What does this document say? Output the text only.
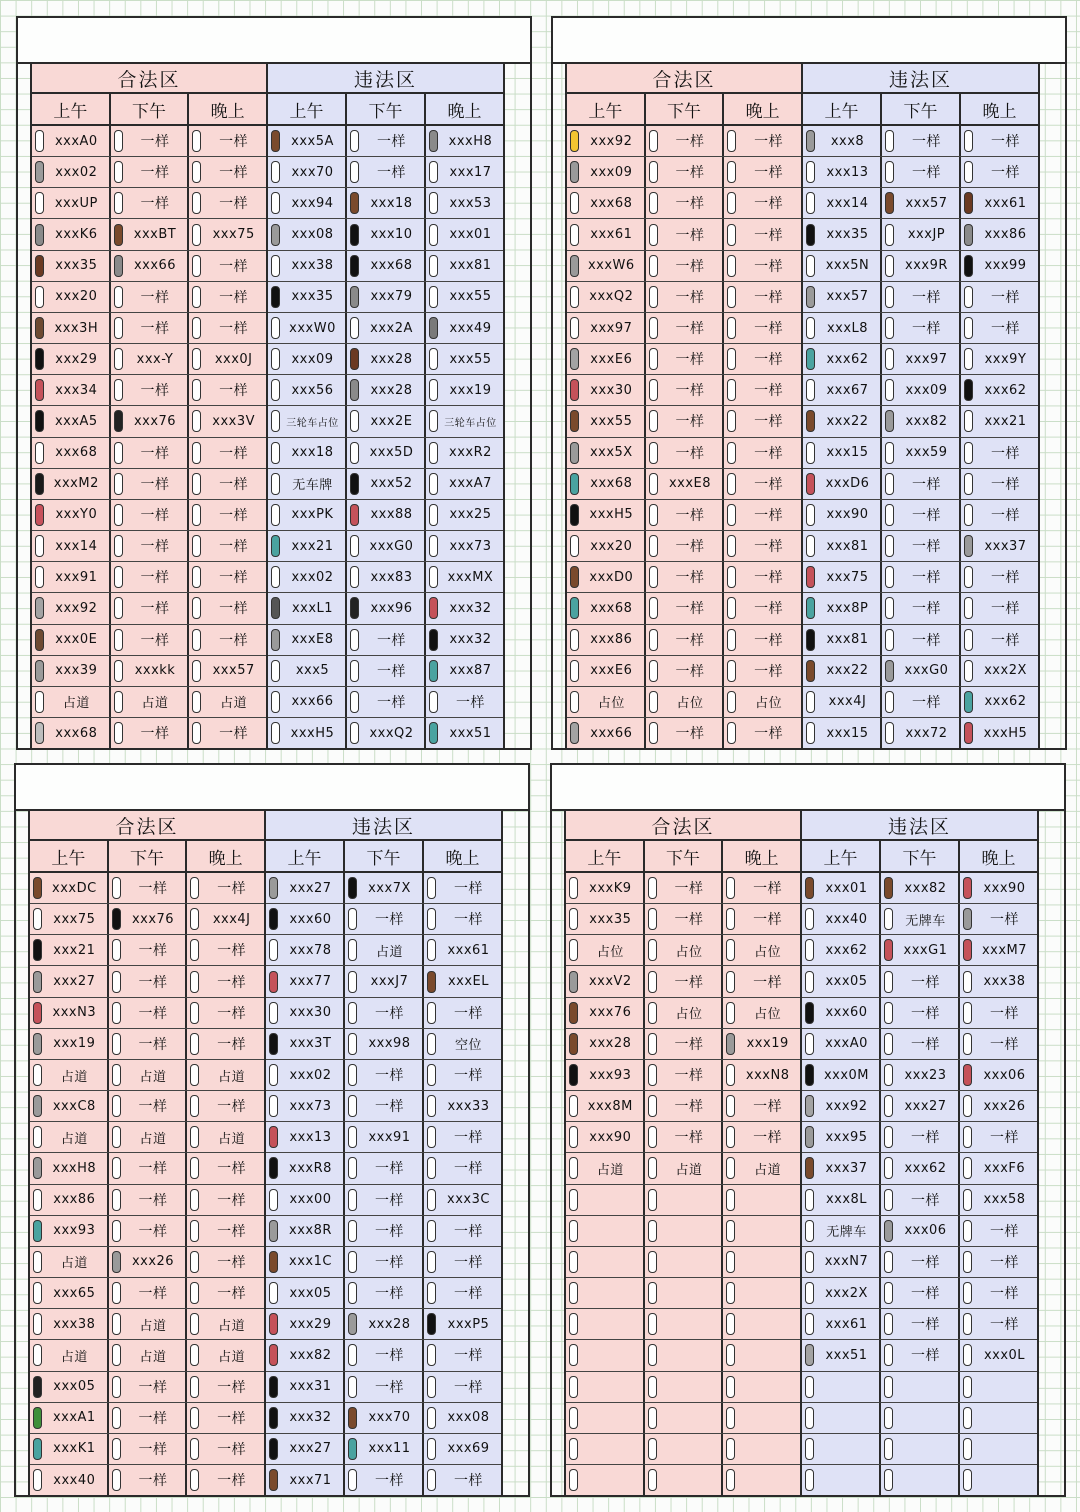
合法区
上午	下午	晚上
xxxA0	一样	一样
xxx02	一样	一样
xxxUP	一样	一样
xxxK6	xxxBT	xxx75
xxx35	xxx66	一样
xxx20	一样	一样
xxx3H	一样	一样
xxx29	xxx-Y	xxx0J
xxx34	一样	一样
xxxA5	xxx76	xxx3V
xxx68	一样	一样
xxxM2	一样	一样
xxxY0	一样	一样
xxx14	一样	一样
xxx91	一样	一样
xxx92	一样	一样
xxx0E	一样	一样
xxx39	xxxkk	xxx57
占道	占道	占道
xxx68	一样	一样
违法区
上午	下午	晚上
xxx5A	一样	xxxH8
xxx70	一样	xxx17
xxx94	xxx18	xxx53
xxx08	xxx10	xxx01
xxx38	xxx68	xxx81
xxx35	xxx79	xxx55
xxxW0	xxx2A	xxx49
xxx09	xxx28	xxx55
xxx56	xxx28	xxx19
三轮车占位	xxx2E	三轮车占位
xxx18	xxx5D	xxxR2
无车牌	xxx52	xxxA7
xxxPK	xxx88	xxx25
xxx21	xxxG0	xxx73
xxx02	xxx83	xxxMX
xxxL1	xxx96	xxx32
xxxE8	一样	xxx32
xxx5	一样	xxx87
xxx66	一样	一样
xxxH5	xxxQ2	xxx51
合法区
上午	下午	晚上
xxx92	一样	一样
xxx09	一样	一样
xxx68	一样	一样
xxx61	一样	一样
xxxW6	一样	一样
xxxQ2	一样	一样
xxx97	一样	一样
xxxE6	一样	一样
xxx30	一样	一样
xxx55	一样	一样
xxx5X	一样	一样
xxx68	xxxE8	一样
xxxH5	一样	一样
xxx20	一样	一样
xxxD0	一样	一样
xxx68	一样	一样
xxx86	一样	一样
xxxE6	一样	一样
占位	占位	占位
xxx66	一样	一样
违法区
上午	下午	晚上
xxx8	一样	一样
xxx13	一样	一样
xxx14	xxx57	xxx61
xxx35	xxxJP	xxx86
xxx5N	xxx9R	xxx99
xxx57	一样	一样
xxxL8	一样	一样
xxx62	xxx97	xxx9Y
xxx67	xxx09	xxx62
xxx22	xxx82	xxx21
xxx15	xxx59	一样
xxxD6	一样	一样
xxx90	一样	一样
xxx81	一样	xxx37
xxx75	一样	一样
xxx8P	一样	一样
xxx81	一样	一样
xxx22	xxxG0	xxx2X
xxx4J	一样	xxx62
xxx15	xxx72	xxxH5
合法区
上午	下午	晚上
xxxDC	一样	一样
xxx75	xxx76	xxx4J
xxx21	一样	一样
xxx27	一样	一样
xxxN3	一样	一样
xxx19	一样	一样
占道	占道	占道
xxxC8	一样	一样
占道	占道	占道
xxxH8	一样	一样
xxx86	一样	一样
xxx93	一样	一样
占道	xxx26	一样
xxx65	一样	一样
xxx38	占道	占道
占道	占道	占道
xxx05	一样	一样
xxxA1	一样	一样
xxxK1	一样	一样
xxx40	一样	一样
违法区
上午	下午	晚上
xxx27	xxx7X	一样
xxx60	一样	一样
xxx78	占道	xxx61
xxx77	xxxJ7	xxxEL
xxx30	一样	一样
xxx3T	xxx98	空位
xxx02	一样	一样
xxx73	一样	xxx33
xxx13	xxx91	一样
xxxR8	一样	一样
xxx00	一样	xxx3C
xxx8R	一样	一样
xxx1C	一样	一样
xxx05	一样	一样
xxx29	xxx28	xxxP5
xxx82	一样	一样
xxx31	一样	一样
xxx32	xxx70	xxx08
xxx27	xxx11	xxx69
xxx71	一样	一样
合法区
上午	下午	晚上
xxxK9	一样	一样
xxx35	一样	一样
占位	占位	占位
xxxV2	一样	一样
xxx76	占位	占位
xxx28	一样	xxx19
xxx93	一样	xxxN8
xxx8M	一样	一样
xxx90	一样	一样
占道	占道	占道
违法区
上午	下午	晚上
xxx01	xxx82	xxx90
xxx40	无牌车	一样
xxx62	xxxG1	xxxM7
xxx05	一样	xxx38
xxx60	一样	一样
xxxA0	一样	一样
xxx0M	xxx23	xxx06
xxx92	xxx27	xxx26
xxx95	一样	一样
xxx37	xxx62	xxxF6
xxx8L	一样	xxx58
无牌车	xxx06	一样
xxxN7	一样	一样
xxx2X	一样	一样
xxx61	一样	一样
xxx51	一样	xxx0L
